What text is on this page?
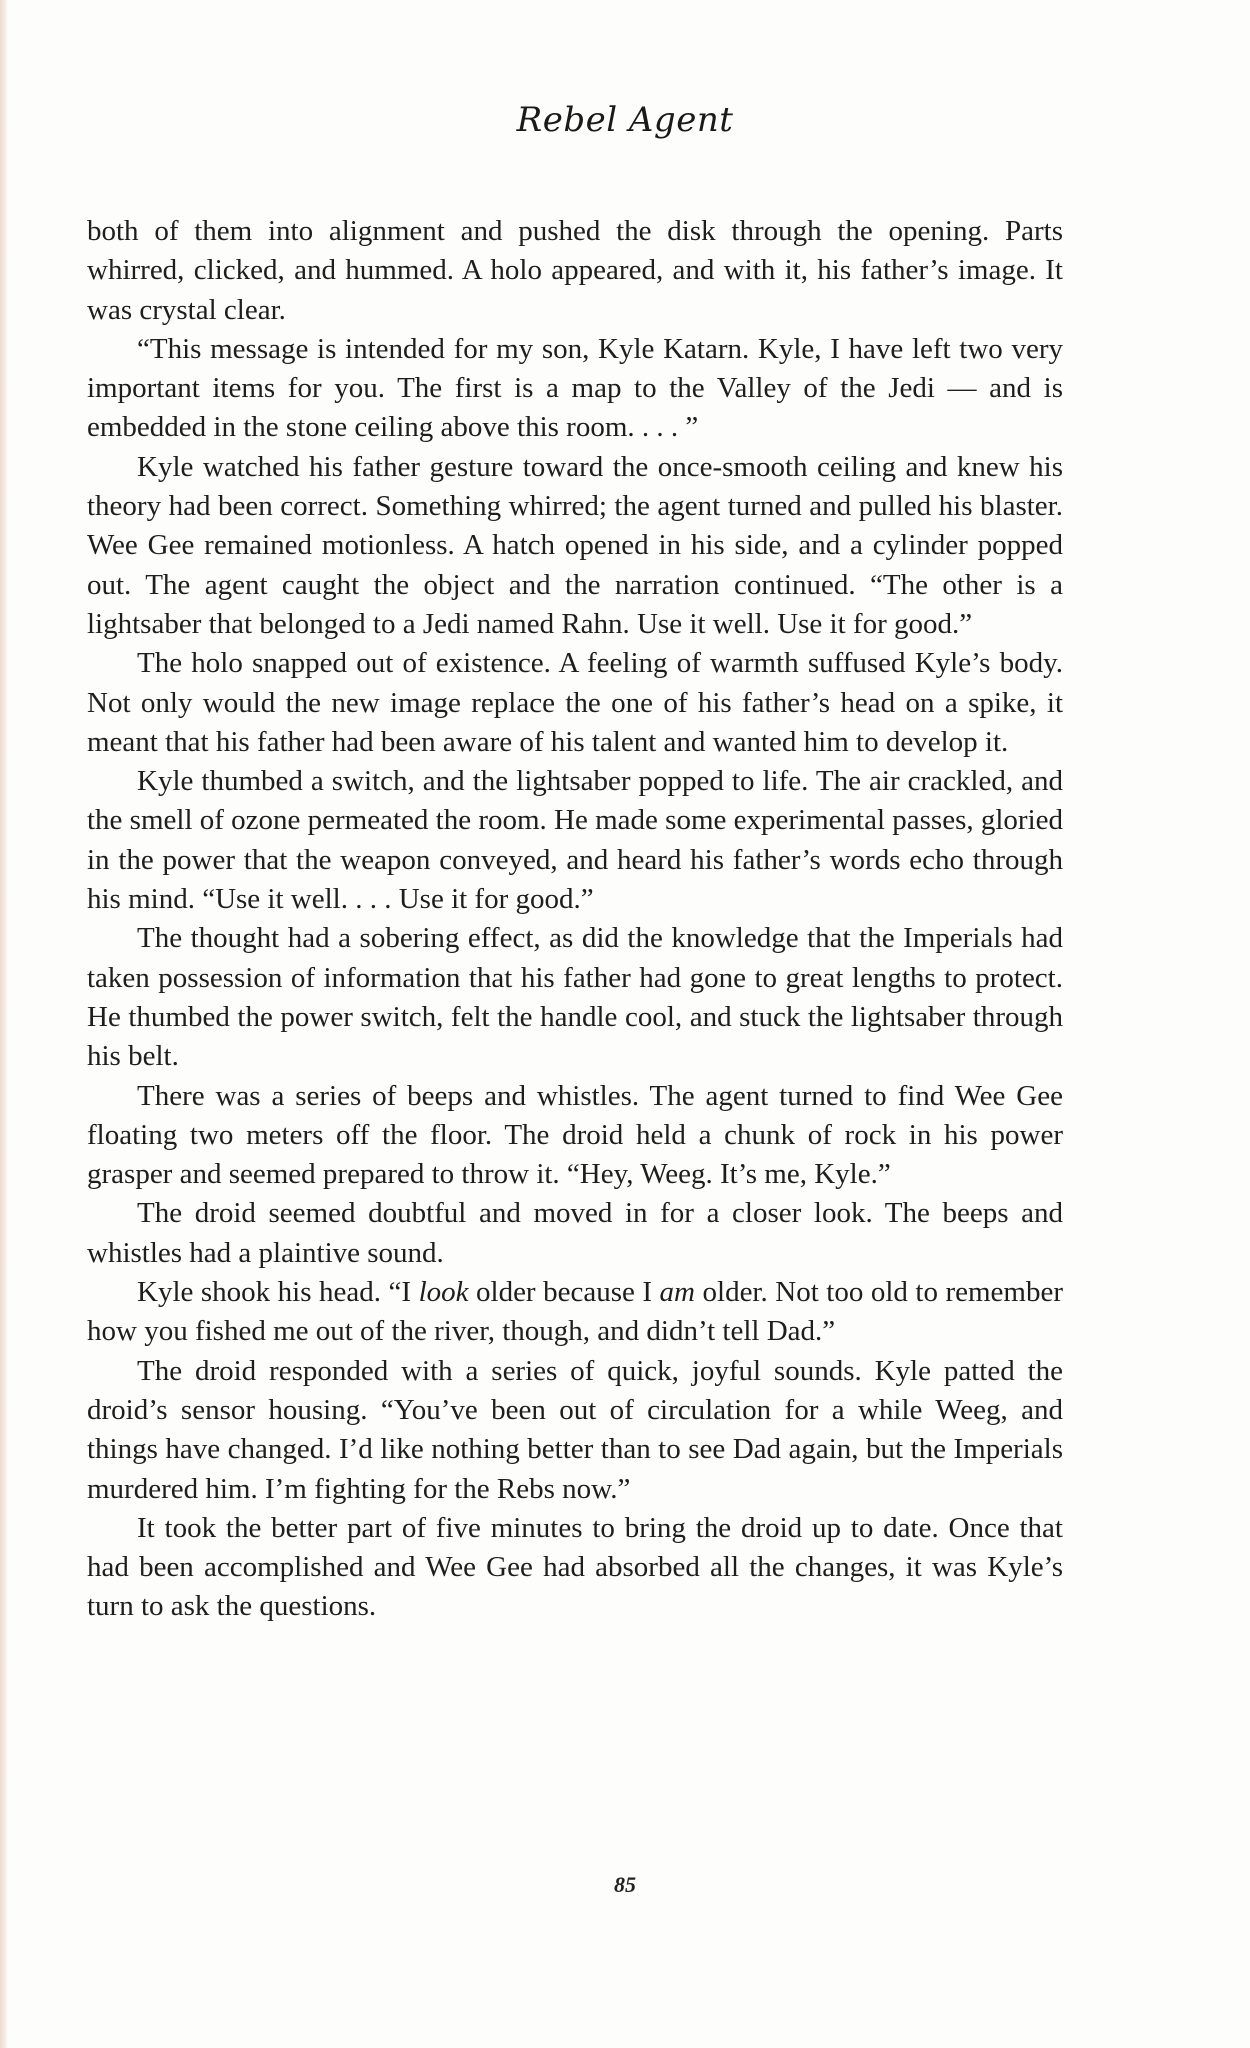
Rebel Agent

both of them into alignment and pushed the disk through the opening. Parts whirred, clicked, and hummed. A holo appeared, and with it, his father’s image. It was crystal clear.

“This message is intended for my son, Kyle Katarn. Kyle, I have left two very important items for you. The first is a map to the Valley of the Jedi — and is embedded in the stone ceiling above this room. . . . ”

Kyle watched his father gesture toward the once-smooth ceiling and knew his theory had been correct. Something whirred; the agent turned and pulled his blaster. Wee Gee remained motionless. A hatch opened in his side, and a cylinder popped out. The agent caught the object and the narration continued. “The other is a lightsaber that belonged to a Jedi named Rahn. Use it well. Use it for good.”

The holo snapped out of existence. A feeling of warmth suffused Kyle’s body. Not only would the new image replace the one of his father’s head on a spike, it meant that his father had been aware of his talent and wanted him to develop it.

Kyle thumbed a switch, and the lightsaber popped to life. The air crackled, and the smell of ozone permeated the room. He made some experimental passes, gloried in the power that the weapon conveyed, and heard his father’s words echo through his mind. “Use it well. . . . Use it for good.”

The thought had a sobering effect, as did the knowledge that the Imperials had taken possession of information that his father had gone to great lengths to protect. He thumbed the power switch, felt the handle cool, and stuck the lightsaber through his belt.

There was a series of beeps and whistles. The agent turned to find Wee Gee floating two meters off the floor. The droid held a chunk of rock in his power grasper and seemed prepared to throw it. “Hey, Weeg. It’s me, Kyle.”

The droid seemed doubtful and moved in for a closer look. The beeps and whistles had a plaintive sound.

Kyle shook his head. “I look older because I am older. Not too old to remember how you fished me out of the river, though, and didn’t tell Dad.”

The droid responded with a series of quick, joyful sounds. Kyle patted the droid’s sensor housing. “You’ve been out of circulation for a while Weeg, and things have changed. I’d like nothing better than to see Dad again, but the Imperials murdered him. I’m fighting for the Rebs now.”

It took the better part of five minutes to bring the droid up to date. Once that had been accomplished and Wee Gee had absorbed all the changes, it was Kyle’s turn to ask the questions.

85
